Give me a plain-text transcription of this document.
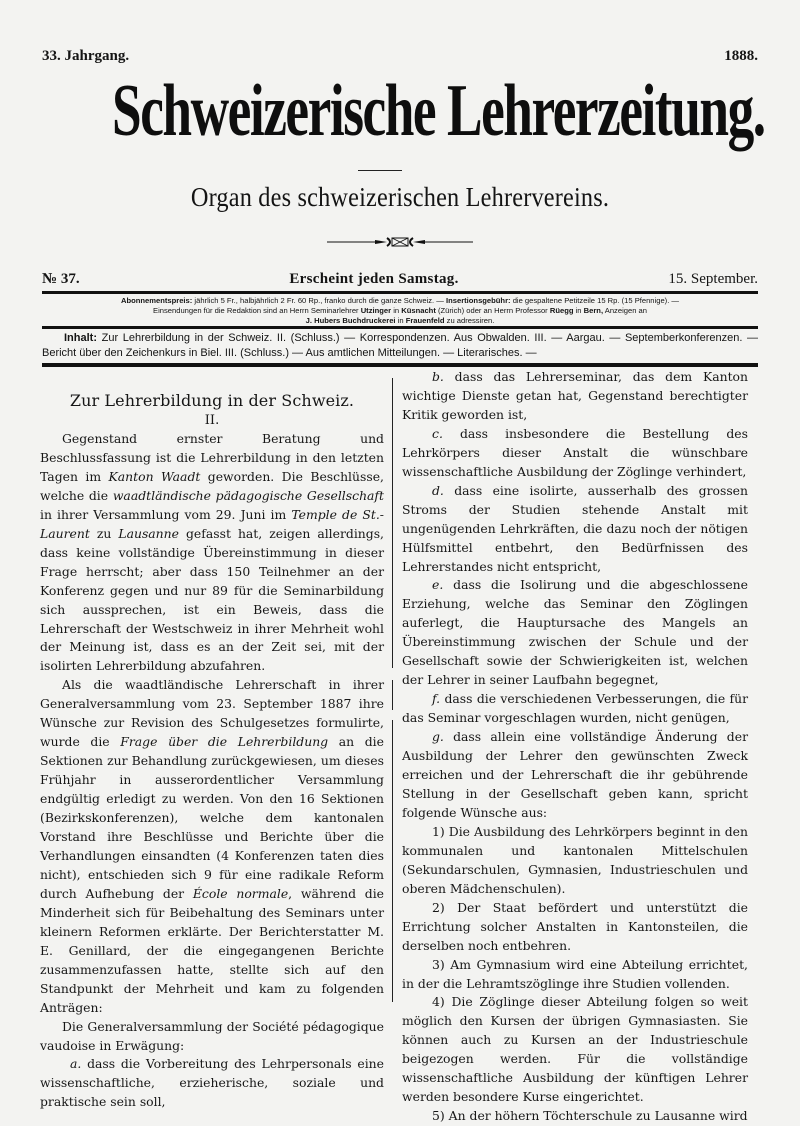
33. Jahrgang.	1888.
Schweizerische Lehrerzeitung.
Organ des schweizerischen Lehrervereins.
№ 37.	Erscheint jeden Samstag.	15. September.
Abonnementspreis: jährlich 5 Fr., halbjährlich 2 Fr. 60 Rp., franko durch die ganze Schweiz. — Insertionsgebühr: die gespaltene Petitzeile 15 Rp. (15 Pfennige). —
Einsendungen für die Redaktion sind an Herrn Seminarlehrer Utzinger in Küsnacht (Zürich) oder an Herrn Professor Rüegg in Bern, Anzeigen an
J. Hubers Buchdruckerei in Frauenfeld zu adressiren.
Inhalt: Zur Lehrerbildung in der Schweiz. II. (Schluss.) — Korrespondenzen. Aus Obwalden. III. — Aargau. — Septemberkonferenzen. — Bericht über den Zeichenkurs in Biel. III. (Schluss.) — Aus amtlichen Mitteilungen. — Literarisches. —

Zur Lehrerbildung in der Schweiz.

II.

Gegenstand ernster Beratung und Beschlussfassung ist die Lehrerbildung in den letzten Tagen im Kanton Waadt geworden. Die Beschlüsse, welche die waadtländische pädagogische Gesellschaft in ihrer Versammlung vom 29. Juni im Temple de St.-Laurent zu Lausanne gefasst hat, zeigen allerdings, dass keine vollständige Übereinstimmung in dieser Frage herrscht; aber dass 150 Teilnehmer an der Konferenz gegen und nur 89 für die Seminarbildung sich aussprechen, ist ein Beweis, dass die Lehrerschaft der Westschweiz in ihrer Mehrheit wohl der Meinung ist, dass es an der Zeit sei, mit der isolirten Lehrerbildung abzufahren.

Als die waadtländische Lehrerschaft in ihrer Generalversammlung vom 23. September 1887 ihre Wünsche zur Revision des Schulgesetzes formulirte, wurde die Frage über die Lehrerbildung an die Sektionen zur Behandlung zurückgewiesen, um dieses Frühjahr in ausserordentlicher Versammlung endgültig erledigt zu werden. Von den 16 Sektionen (Bezirkskonferenzen), welche dem kantonalen Vorstand ihre Beschlüsse und Berichte über die Verhandlungen einsandten (4 Konferenzen taten dies nicht), entschieden sich 9 für eine radikale Reform durch Aufhebung der École normale, während die Minderheit sich für Beibehaltung des Seminars unter kleinern Reformen erklärte. Der Berichterstatter M. E. Genillard, der die eingegangenen Berichte zusammenzufassen hatte, stellte sich auf den Standpunkt der Mehrheit und kam zu folgenden Anträgen:

Die Generalversammlung der Société pédagogique vaudoise in Erwägung:

a. dass die Vorbereitung des Lehrpersonals eine wissenschaftliche, erzieherische, soziale und praktische sein soll,

b. dass das Lehrerseminar, das dem Kanton wichtige Dienste getan hat, Gegenstand berechtigter Kritik geworden ist,

c. dass insbesondere die Bestellung des Lehrkörpers dieser Anstalt die wünschbare wissenschaftliche Ausbildung der Zöglinge verhindert,

d. dass eine isolirte, ausserhalb des grossen Stroms der Studien stehende Anstalt mit ungenügenden Lehrkräften, die dazu noch der nötigen Hülfsmittel entbehrt, den Bedürfnissen des Lehrerstandes nicht entspricht,

e. dass die Isolirung und die abgeschlossene Erziehung, welche das Seminar den Zöglingen auferlegt, die Hauptursache des Mangels an Übereinstimmung zwischen der Schule und der Gesellschaft sowie der Schwierigkeiten ist, welchen der Lehrer in seiner Laufbahn begegnet,

f. dass die verschiedenen Verbesserungen, die für das Seminar vorgeschlagen wurden, nicht genügen,

g. dass allein eine vollständige Änderung der Ausbildung der Lehrer den gewünschten Zweck erreichen und der Lehrerschaft die ihr gebührende Stellung in der Gesellschaft geben kann, spricht folgende Wünsche aus:

1) Die Ausbildung des Lehrkörpers beginnt in den kommunalen und kantonalen Mittelschulen (Sekundarschulen, Gymnasien, Industrieschulen und oberen Mädchenschulen).

2) Der Staat befördert und unterstützt die Errichtung solcher Anstalten in Kantonsteilen, die derselben noch entbehren.

3) Am Gymnasium wird eine Abteilung errichtet, in der die Lehramtszöglinge ihre Studien vollenden.

4) Die Zöglinge dieser Abteilung folgen so weit möglich den Kursen der übrigen Gymnasiasten. Sie können auch zu Kursen an der Industrieschule beigezogen werden. Für die vollständige wissenschaftliche Ausbildung der künftigen Lehrer werden besondere Kurse eingerichtet.

5) An der höhern Töchterschule zu Lausanne wird
